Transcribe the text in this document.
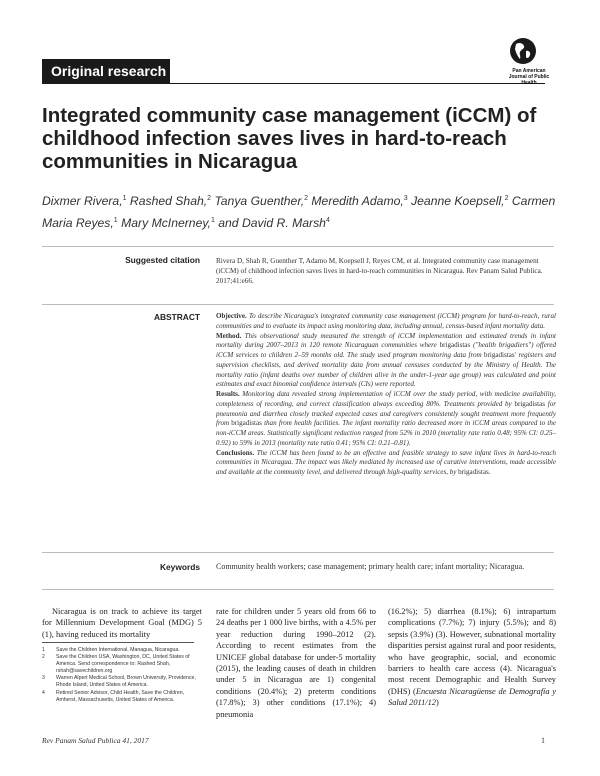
Original research	Pan American Journal of Public Health
Integrated community case management (iCCM) of childhood infection saves lives in hard-to-reach communities in Nicaragua
Dixmer Rivera,$^1$ Rashed Shah,$^2$ Tanya Guenther,$^2$ Meredith Adamo,$^3$ Jeanne Koepsell,$^2$ Carmen Maria Reyes,$^1$ Mary McInerney,$^1$ and David R. Marsh$^4$
Suggested citation Rivera D, Shah R, Guenther T, Adamo M, Koepsell J, Reyes CM, et al. Integrated community case management (iCCM) of childhood infection saves lives in hard-to-reach communities in Nicaragua. Rev Panam Salud Publica. 2017;41:e66.
ABSTRACT Objective. To describe Nicaragua's integrated community case management (iCCM) program for hard-to-reach, rural communities and to evaluate its impact using monitoring data, including annual, census-based infant mortality data.

Method. This observational study measured the strength of iCCM implementation and estimated trends in infant mortality during 2007–2013 in 120 remote Nicaraguan communities where brigadistas ("health brigadiers") offered iCCM services to children 2–59 months old. The study used program monitoring data from brigadistas' registers and supervision checklists, and derived mortality data from annual censuses conducted by the Ministry of Health. The mortality ratio (infant deaths over number of children alive in the under-1-year age group) was calculated and point estimates and exact binomial confidence intervals (CIs) were reported.

Results. Monitoring data revealed strong implementation of iCCM over the study period, with medicine availability, completeness of recording, and correct classification always exceeding 80%. Treatments provided by brigadistas for pneumonia and diarrhea closely tracked expected cases and caregivers consistently sought treatment more frequently from brigadistas than from health facilities. The infant mortality ratio decreased more in iCCM areas compared to the non-iCCM areas. Statistically significant reduction ranged from 52% in 2010 (mortality rate ratio 0.48; 95% CI: 0.25–0.92) to 59% in 2013 (mortality rate ratio 0.41; 95% CI: 0.21–0.81).

Conclusions. The iCCM has been found to be an effective and feasible strategy to save infant lives in hard-to-reach communities in Nicaragua. The impact was likely mediated by increased use of curative interventions, made accessible and available at the community level, and delivered through high-quality services, by brigadistas.

Keywords Community health workers; case management; primary health care; infant mortality; Nicaragua.

Nicaragua is on track to achieve its target for Millennium Development Goal (MDG) 5 (1), having reduced its mortality

rate for children under 5 years old from 66 to 24 deaths per 1 000 live births, with a 4.5% per year reduction during 1990–2012 (2). According to recent estimates from the UNICEF global database for under-5 mortality (2015), the leading causes of death in children under 5 in Nicaragua are 1) congenital conditions (20.4%); 2) preterm conditions (17.8%); 3) other conditions (17.1%); 4) pneumonia

(16.2%); 5) diarrhea (8.1%); 6) intrapartum complications (7.7%); 7) injury (5.5%); and 8) sepsis (3.9%) (3). However, subnational mortality disparities persist against rural and poor residents, who have geographic, social, and economic barriers to health care access (4). Nicaragua's most recent Demographic and Health Survey (DHS) (Encuesta Nicaragüense de Demografía y Salud 2011/12)

1 Save the Children International, Managua, Nicaragua.
2 Save the Children USA, Washington, DC, United States of America. Send correspondence to: Rashed Shah, rshah@savechildren.org
3 Warren Alpert Medical School, Brown University, Providence, Rhode Island, United States of America.
4 Retired Senior Advisor, Child Health, Save the Children, Amherst, Massachusetts, United States of America.
Rev Panam Salud Publica 41, 2017	1
